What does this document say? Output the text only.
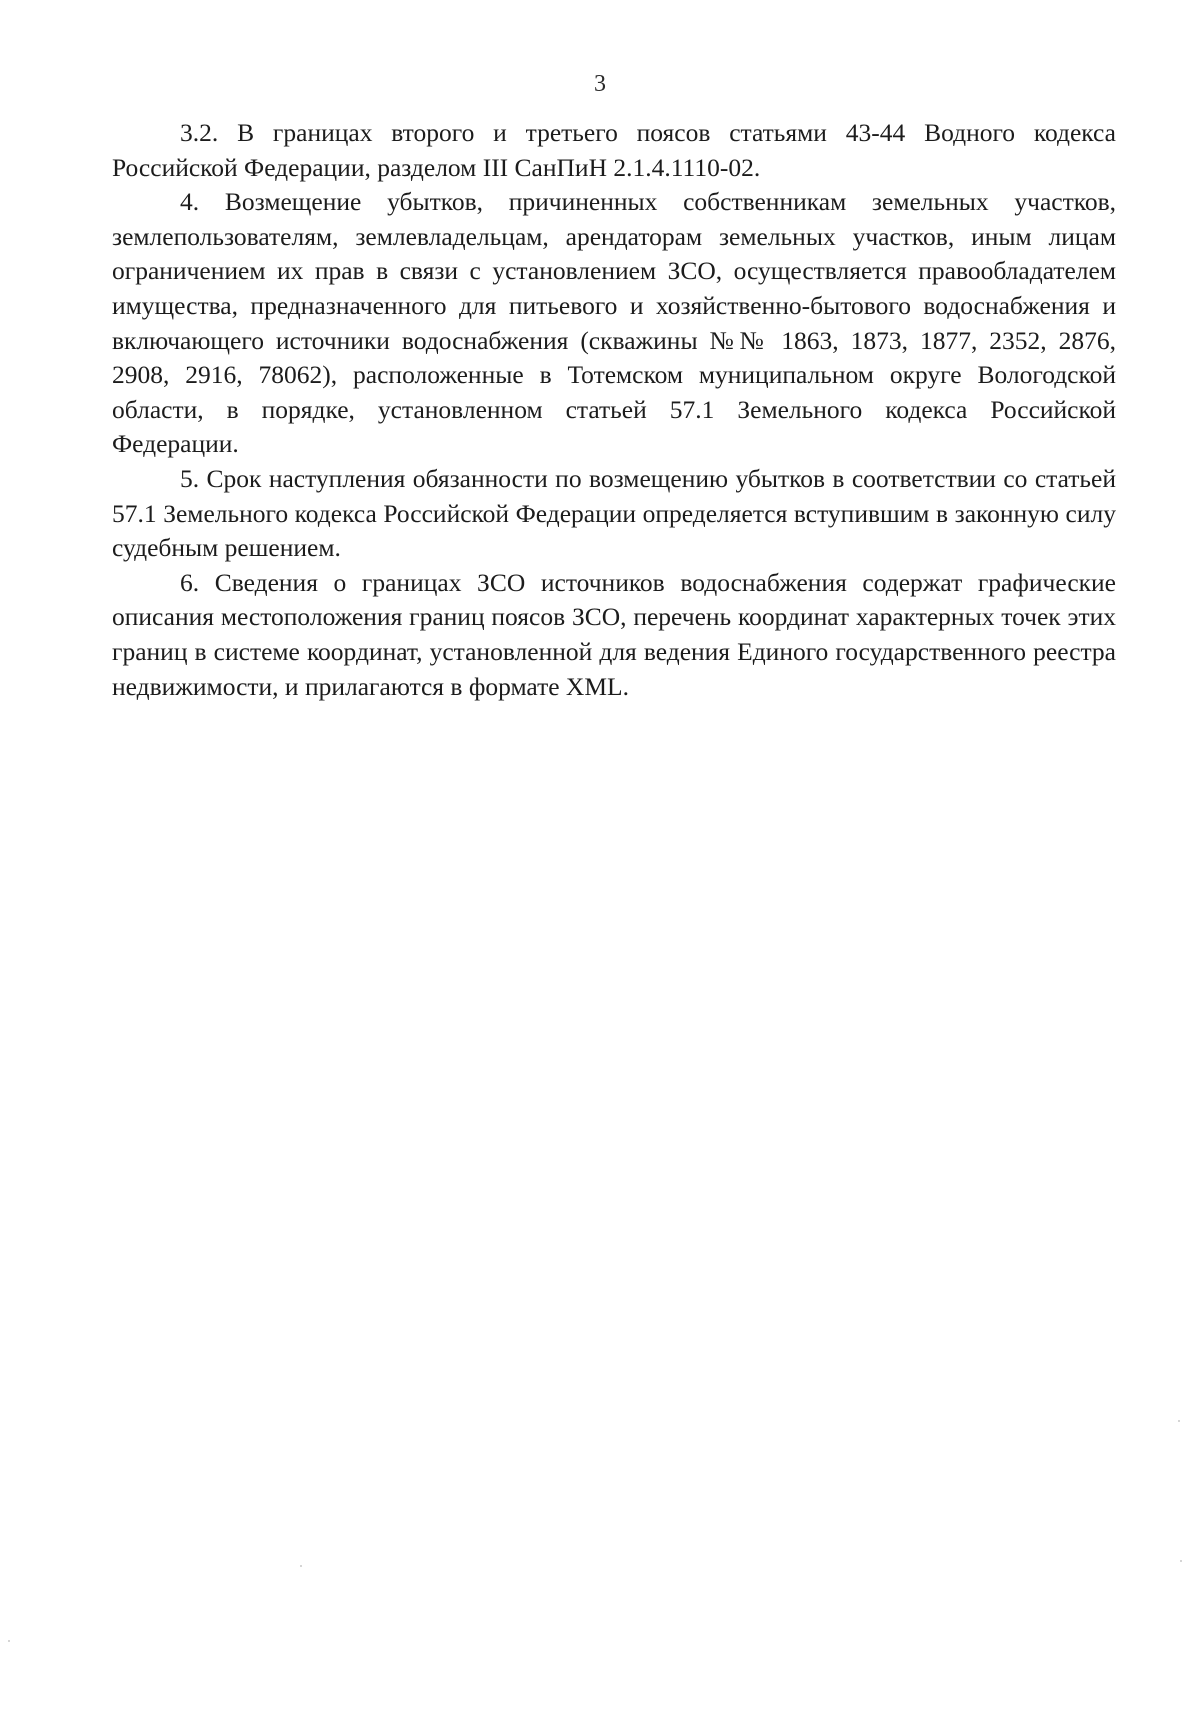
3

3.2. В границах второго и третьего поясов статьями 43-44 Водного кодекса Российской Федерации, разделом III СанПиН 2.1.4.1110-02.

4. Возмещение убытков, причиненных собственникам земельных участков, землепользователям, землевладельцам, арендаторам земельных участков, иным лицам ограничением их прав в связи с установлением ЗСО, осуществляется правообладателем имущества, предназначенного для питьевого и хозяйственно-бытового водоснабжения и включающего источники водоснабжения (скважины №№ 1863, 1873, 1877, 2352, 2876, 2908, 2916, 78062), расположенные в Тотемском муниципальном округе Вологодской области, в порядке, установленном статьей 57.1 Земельного кодекса Российской Федерации.

5. Срок наступления обязанности по возмещению убытков в соответствии со статьей 57.1 Земельного кодекса Российской Федерации определяется вступившим в законную силу судебным решением.

6. Сведения о границах ЗСО источников водоснабжения содержат графические описания местоположения границ поясов ЗСО, перечень координат характерных точек этих границ в системе координат, установленной для ведения Единого государственного реестра недвижимости, и прилагаются в формате XML.
